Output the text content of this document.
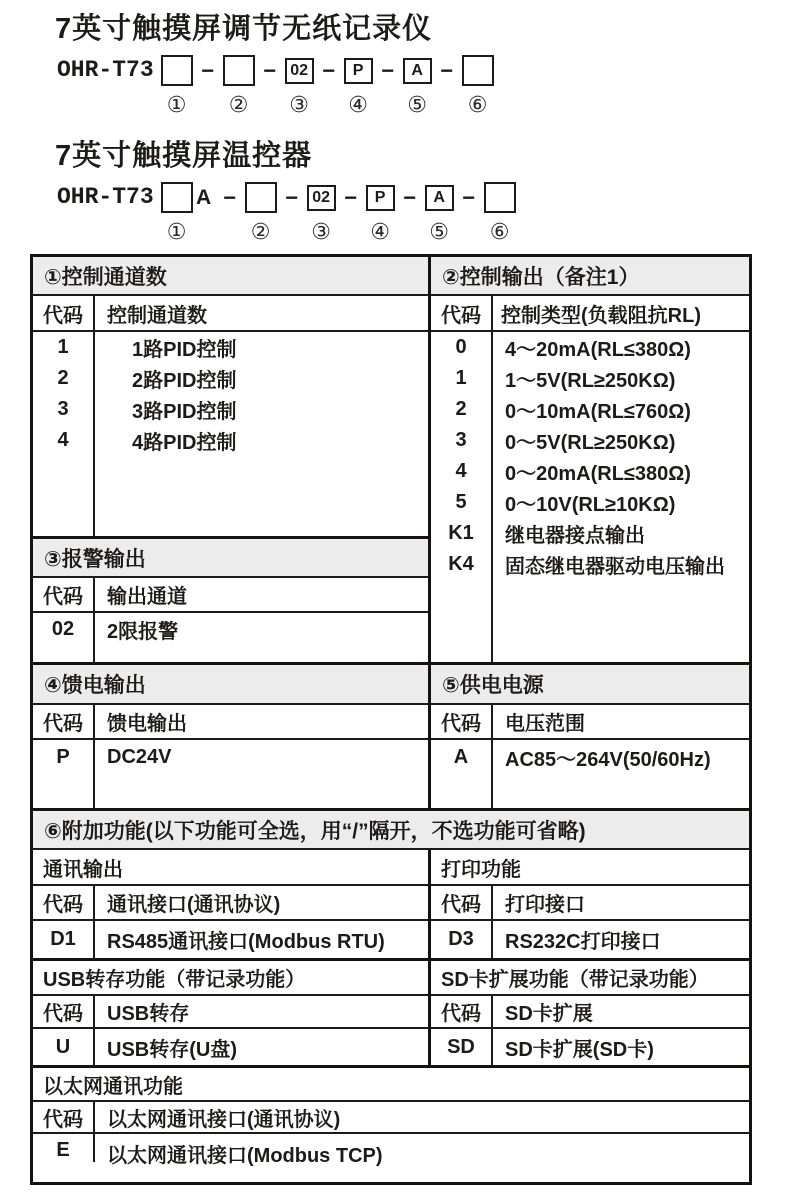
7英寸触摸屏调节无纸记录仪
OHR-T73
①
−
②
− 02
③
−	P
④
−	A
⑤
−
⑥
7英寸触摸屏温控器
OHR-T73
①
A −
②
− 02
③
−	P
④
−	A
⑤
−
⑥
①控制通道数
代码	控制通道数
1	1路PID控制
2	2路PID控制
3	3路PID控制
4	4路PID控制
③报警输出
代码	输出通道
02	2限报警
②控制输出（备注1）
代码	控制类型(负载阻抗RL)
0	4～20mA(RL≤380Ω)
1	1～5V(RL≥250KΩ)
2	0～10mA(RL≤760Ω)
3	0～5V(RL≥250KΩ)
4	0～20mA(RL≤380Ω)
5	0～10V(RL≥10KΩ)
K1	继电器接点输出
K4	固态继电器驱动电压输出
④馈电输出
代码	馈电输出
P	DC24V
⑤供电电源
代码	电压范围
A	AC85～264V(50/60Hz)
⑥附加功能(以下功能可全选，用“/”隔开，不选功能可省略)
通讯输出
代码	通讯接口(通讯协议)
D1	RS485通讯接口(Modbus RTU)
打印功能
代码	打印接口
D3	RS232C打印接口
USB转存功能（带记录功能）
代码	USB转存
U	USB转存(U盘)
SD卡扩展功能（带记录功能）
代码	SD卡扩展
SD	SD卡扩展(SD卡)
以太网通讯功能
代码	以太网通讯接口(通讯协议)
E	以太网通讯接口(Modbus TCP)
